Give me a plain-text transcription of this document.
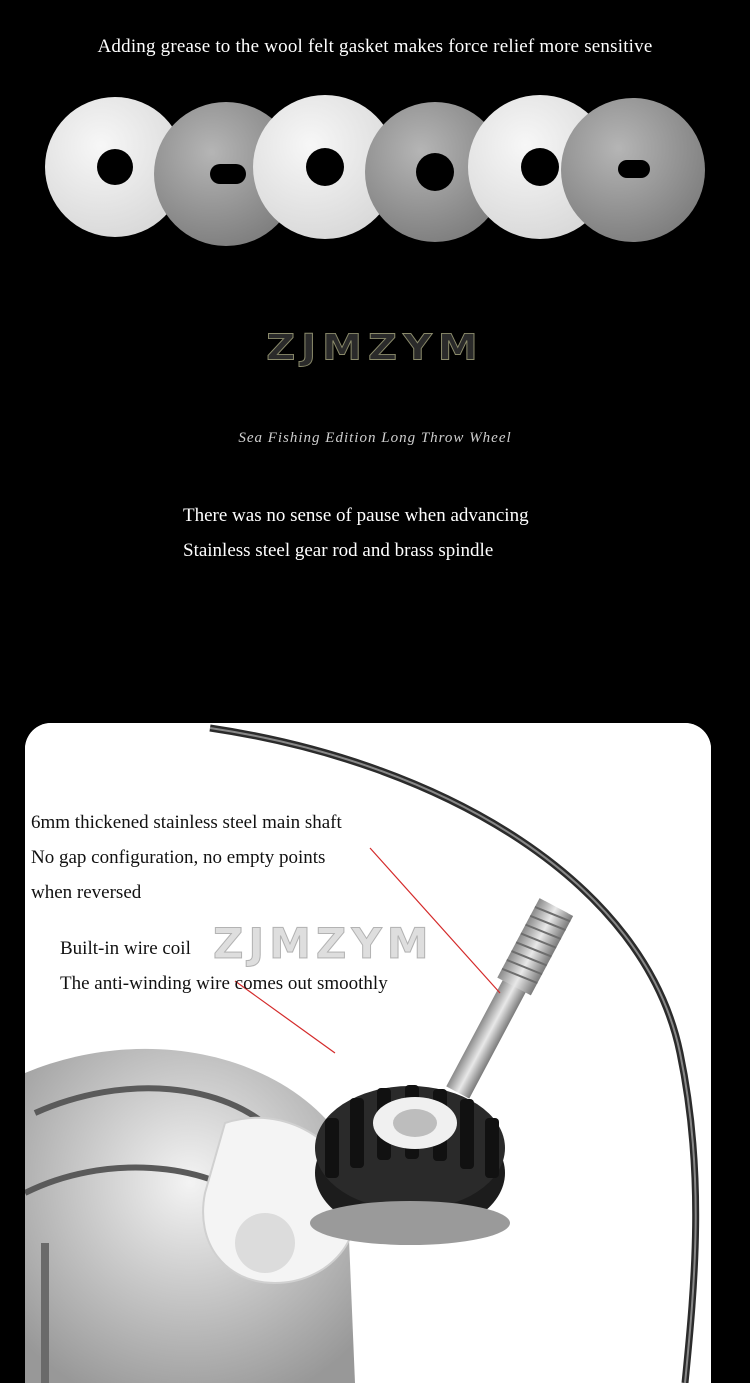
Adding grease to the wool felt gasket makes force relief more sensitive
ZJMZYM
Sea Fishing Edition Long Throw Wheel
There was no sense of pause when advancing
Stainless steel gear rod and brass spindle
6mm thickened stainless steel main shaft
No gap configuration, no empty points
when reversed
ZJMZYM
Built-in wire coil
The anti-winding wire comes out smoothly
